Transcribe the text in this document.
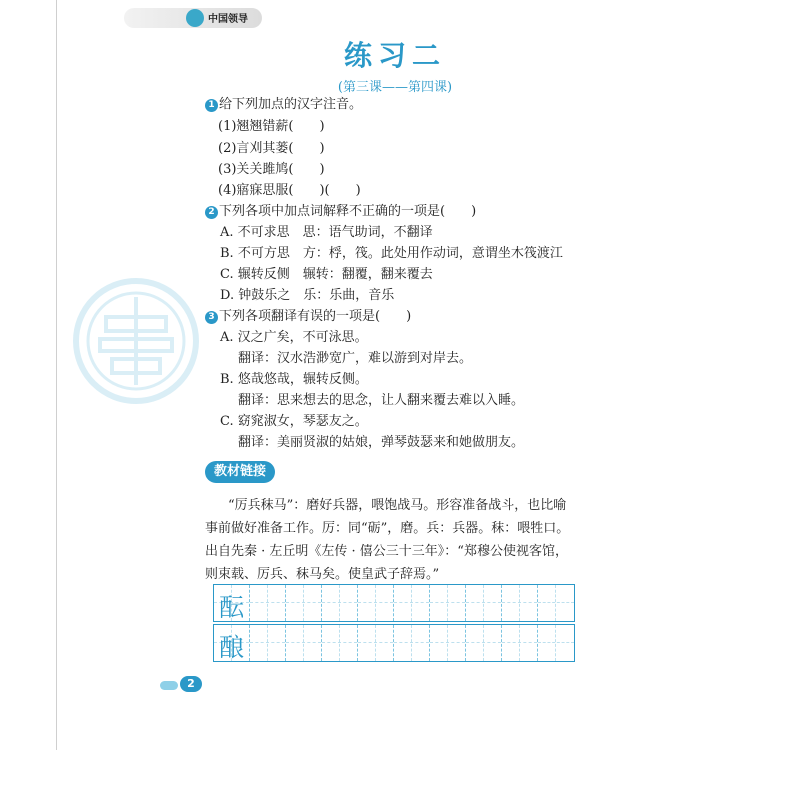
中国领导
练习二
(第三课——第四课)
1 给下列加点的汉字注音。
(1)翘翘错薪(　　)
(2)言刈其蒌(　　)
(3)关关雎鸠(　　)
(4)寤寐思服(　　)(　　)
2 下列各项中加点词解释不正确的一项是(　　)
A. 不可求思　思：语气助词，不翻译
B. 不可方思　方：桴，筏。此处用作动词，意谓坐木筏渡江
C. 辗转反侧　辗转：翻覆，翻来覆去
D. 钟鼓乐之　乐：乐曲，音乐
3 下列各项翻译有误的一项是(　　)
A. 汉之广矣，不可泳思。
翻译：汉水浩渺宽广，难以游到对岸去。
B. 悠哉悠哉，辗转反侧。
翻译：思来想去的思念，让人翻来覆去难以入睡。
C. 窈窕淑女，琴瑟友之。
翻译：美丽贤淑的姑娘，弹琴鼓瑟来和她做朋友。
教材链接
“厉兵秣马”：磨好兵器，喂饱战马。形容准备战斗，也比喻
事前做好准备工作。厉：同“砺”，磨。兵：兵器。秣：喂牲口。
出自先秦 · 左丘明《左传 · 僖公三十三年》：“郑穆公使视客馆，
则束载、厉兵、秣马矣。使皇武子辞焉。”
酝
酿
2
